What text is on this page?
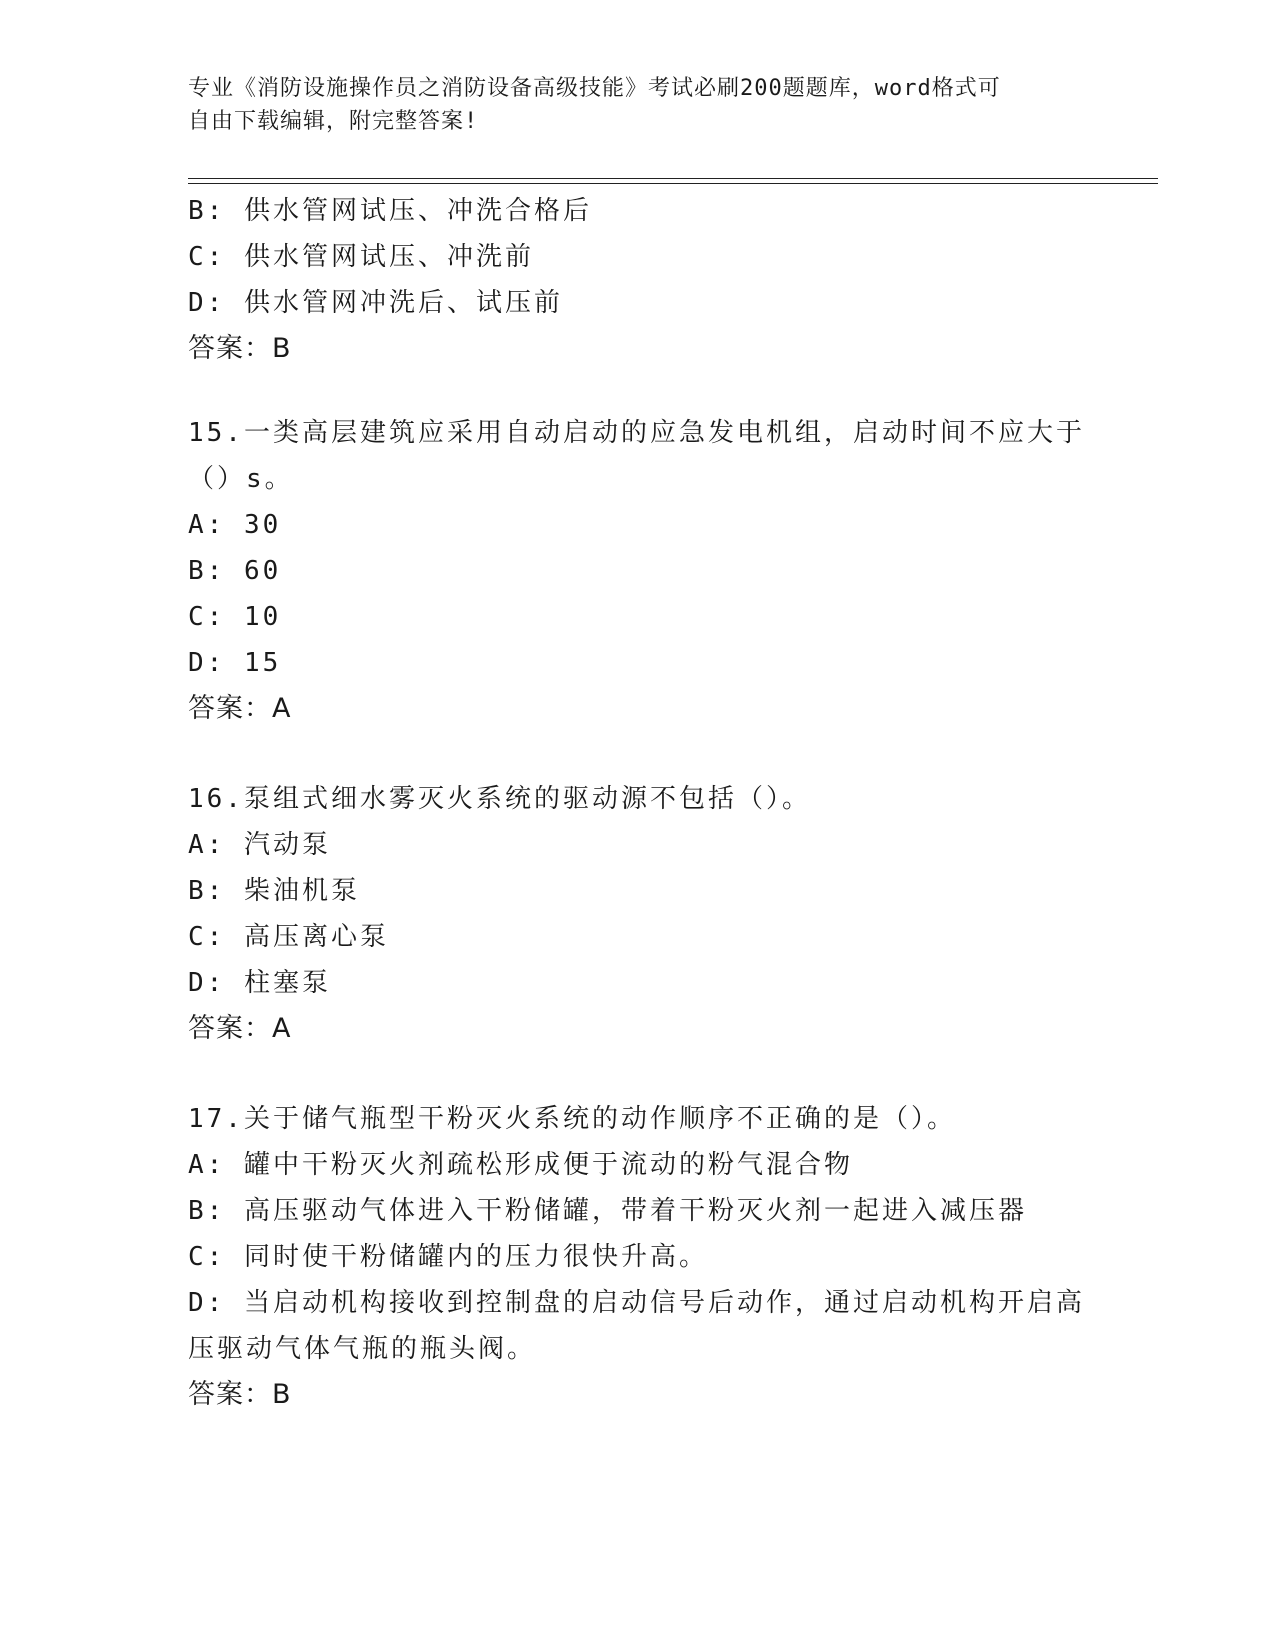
专业《消防设施操作员之消防设备高级技能》考试必刷200题题库，word格式可
自由下载编辑，附完整答案!
B: 供水管网试压、冲洗合格后
C: 供水管网试压、冲洗前
D: 供水管网冲洗后、试压前
答案：B
15.一类高层建筑应采用自动启动的应急发电机组，启动时间不应大于
（）s。
A: 30
B: 60
C: 10
D: 15
答案：A
16.泵组式细水雾灭火系统的驱动源不包括（）。
A: 汽动泵
B: 柴油机泵
C: 高压离心泵
D: 柱塞泵
答案：A
17.关于储气瓶型干粉灭火系统的动作顺序不正确的是（）。
A: 罐中干粉灭火剂疏松形成便于流动的粉气混合物
B: 高压驱动气体进入干粉储罐，带着干粉灭火剂一起进入减压器
C: 同时使干粉储罐内的压力很快升高。
D: 当启动机构接收到控制盘的启动信号后动作，通过启动机构开启高
压驱动气体气瓶的瓶头阀。
答案：B
